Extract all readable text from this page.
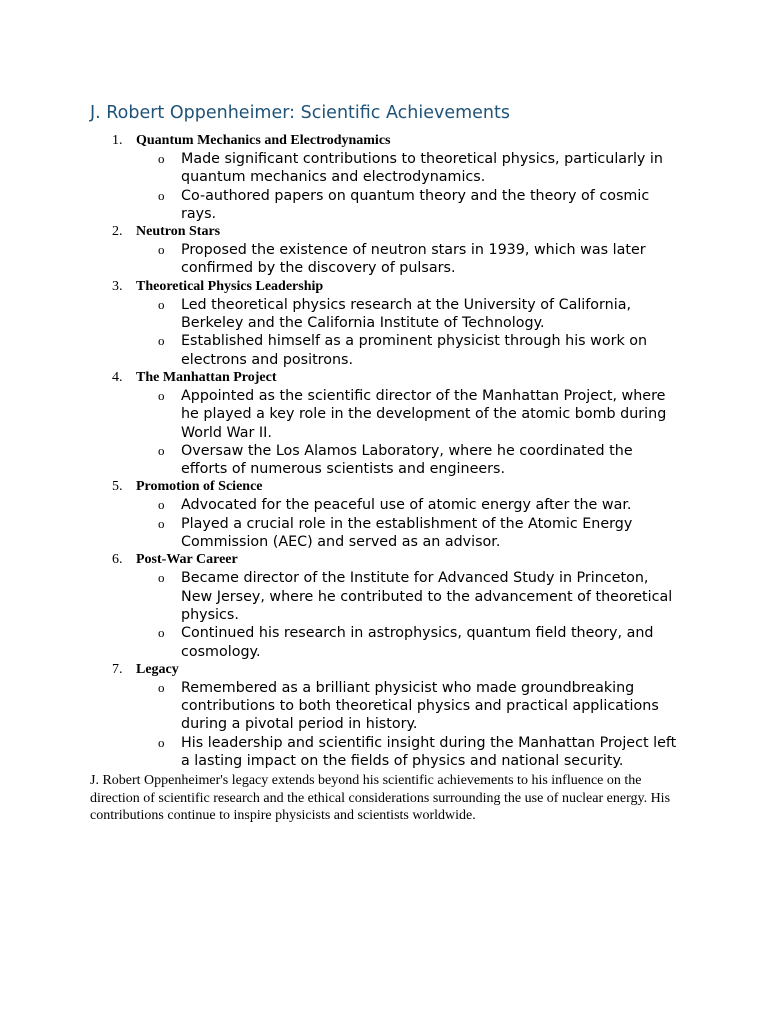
J. Robert Oppenheimer: Scientific Achievements
1. Quantum Mechanics and Electrodynamics
o Made significant contributions to theoretical physics, particularly in quantum mechanics and electrodynamics.
o Co-authored papers on quantum theory and the theory of cosmic rays.
2. Neutron Stars
o Proposed the existence of neutron stars in 1939, which was later confirmed by the discovery of pulsars.
3. Theoretical Physics Leadership
o Led theoretical physics research at the University of California, Berkeley and the California Institute of Technology.
o Established himself as a prominent physicist through his work on electrons and positrons.
4. The Manhattan Project
o Appointed as the scientific director of the Manhattan Project, where he played a key role in the development of the atomic bomb during World War II.
o Oversaw the Los Alamos Laboratory, where he coordinated the efforts of numerous scientists and engineers.
5. Promotion of Science
o Advocated for the peaceful use of atomic energy after the war.
o Played a crucial role in the establishment of the Atomic Energy Commission (AEC) and served as an advisor.
6. Post-War Career
o Became director of the Institute for Advanced Study in Princeton, New Jersey, where he contributed to the advancement of theoretical physics.
o Continued his research in astrophysics, quantum field theory, and cosmology.
7. Legacy
o Remembered as a brilliant physicist who made groundbreaking contributions to both theoretical physics and practical applications during a pivotal period in history.
o His leadership and scientific insight during the Manhattan Project left a lasting impact on the fields of physics and national security.

J. Robert Oppenheimer's legacy extends beyond his scientific achievements to his influence on the direction of scientific research and the ethical considerations surrounding the use of nuclear energy. His contributions continue to inspire physicists and scientists worldwide.
